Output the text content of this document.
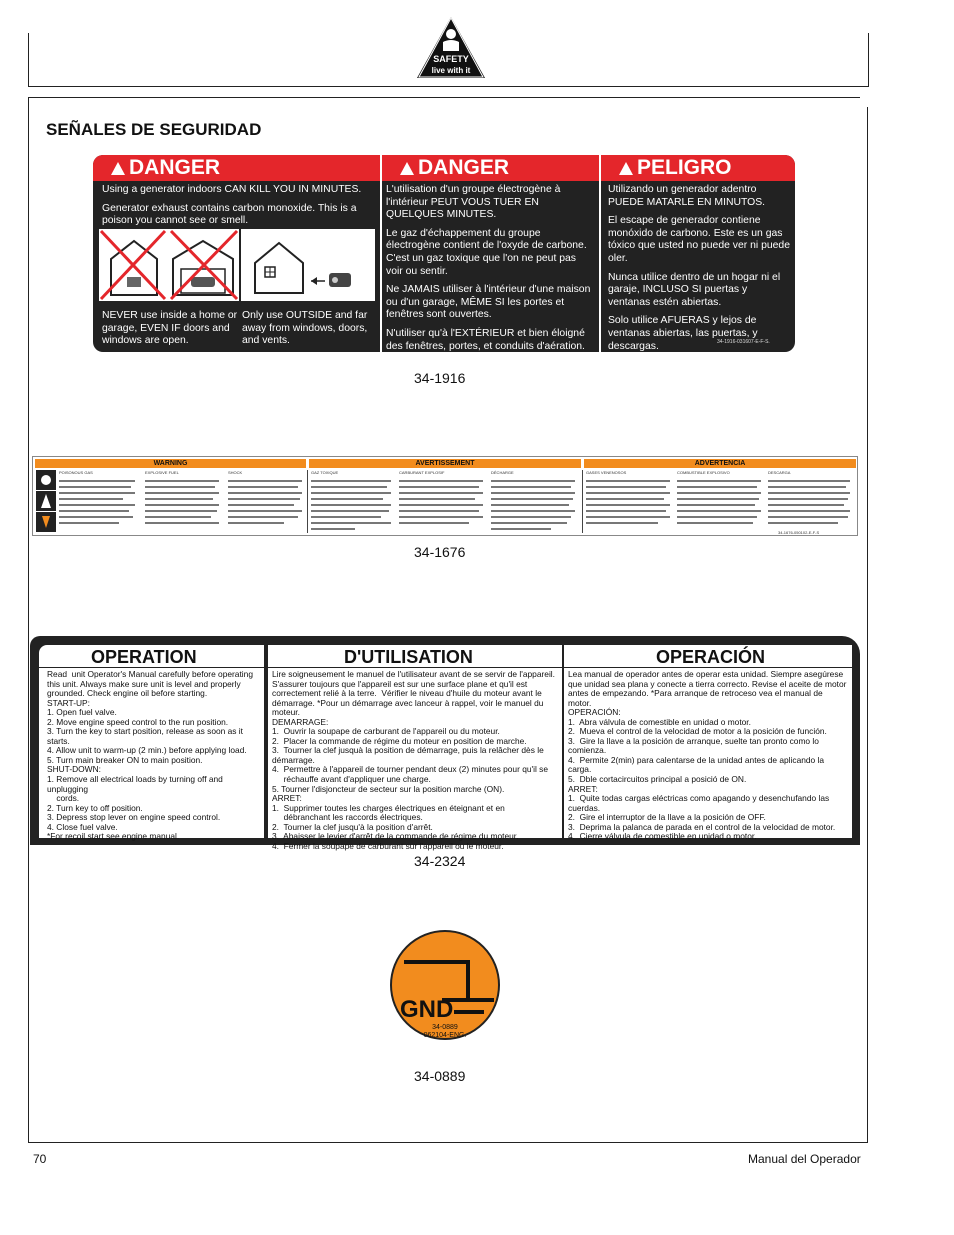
SAFETY
live with it
SEÑALES DE SEGURIDAD
DANGER

Using a generator indoors CAN KILL YOU IN MINUTES.

Generator exhaust contains carbon monoxide. This is a poison you cannot see or smell.

NEVER use inside a home or garage, EVEN IF doors and windows are open.
Only use OUTSIDE and far away from windows, doors, and vents.
DANGER

L'utilisation d'un groupe électrogène à l'intérieur PEUT VOUS TUER EN QUELQUES MINUTES.

Le gaz d'échappement du groupe électrogène contient de l'oxyde de carbone. C'est un gaz toxique que l'on ne peut pas voir ou sentir.

Ne JAMAIS utiliser à l'intérieur d'une maison ou d'un garage, MÊME SI les portes et fenêtres sont ouvertes.

N'utiliser qu'à l'EXTÉRIEUR et bien éloigné des fenêtres, portes, et conduits d'aération.

PELIGRO

Utilizando un generador adentro PUEDE MATARLE EN MINUTOS.

El escape de generador contiene monóxido de carbono. Este es un gas tóxico que usted no puede ver ni puede oler.

Nunca utilice dentro de un hogar ni el garaje, INCLUSO SI puertas y ventanas estén abiertas.

Solo utilice AFUERAS y lejos de ventanas abiertas, las puertas, y descargas.	34-1916-031607-E-F-S.
34-1916
WARNING	AVERTISSEMENT	ADVERTENCIA
POISONOUS GAS	EXPLOSIVE FUEL	SHOCK	GAZ TOXIQUE	CARBURANT EXPLOSIF	DÉCHARGE	GASES VENENOSOS	COMBUSTIBLE EXPLOSIVO	DESCARGA
34-1676-050102-E-F-S
34-1676
OPERATION	D'UTILISATION	OPERACIÓN
Read  unit Operator's Manual carefully before operating this unit. Always make sure unit is level and properly grounded. Check engine oil before starting.
START-UP:
1. Open fuel valve.
2. Move engine speed control to the run position.
3. Turn the key to start position, release as soon as it starts.
4. Allow unit to warm-up (2 min.) before applying load.
5. Turn main breaker ON to main position.
SHUT-DOWN:
1. Remove all electrical loads by turning off and unplugging
cords.
2. Turn key to off position.
3. Depress stop lever on engine speed control.
4. Close fuel valve.
*For recoil start see engine manual.
Lire soigneusement le manuel de l'utilisateur avant de se servir de l'appareil. S'assurer toujours que l'appareil est sur une surface plane et qu'il est correctement relié à la terre.  Vérifier le niveau d'huile du moteur avant le démarrage. *Pour un démarrage avec lanceur à rappel, voir le manuel du moteur.
DEMARRAGE:
1.  Ouvrir la soupape de carburant de l'appareil ou du moteur.
2.  Placer la commande de régime du moteur en position de marche.
3.  Tourner la clef jusquà la position de démarrage, puis la relâcher dès le démarrage.
4.  Permettre à l'appareil de tourner pendant deux (2) minutes pour qu'il se
réchauffe avant d'appliquer une charge.
5. Tourner l'disjoncteur de secteur sur la position marche (ON).
ARRET:
1.  Supprimer toutes les charges électriques en éteignant et en
débranchant les raccords électriques.
2.  Tourner la clef jusqu'à la position d'arrêt.
3.  Abaisser le levier d'arrêt de la commande de régime du moteur.
4.  Fermer la soupape de carburant sur l'appareil ou le moteur.
Lea manual de operador antes de operar esta unidad. Siempre asegúrese que unidad sea plana y conecte a tierra correcto. Revise el aceite de motor antes de empezando. *Para arranque de retroceso vea el manual de motor.
OPERACIÓN:
1.  Abra válvula de comestible en unidad o motor.
2.  Mueva el control de la velocidad de motor a la posición de función.
3.  Gire la llave a la posición de arranque, suelte tan pronto como lo comienza.
4.  Permite 2(min) para calentarse de la unidad antes de aplicando la carga.
5.  Dble cortacircuitos principal a posició de ON.
ARRET:
1.  Quite todas cargas eléctricas como apagando y desenchufando las cuerdas.
2.  Gire el interruptor de la llave a la posición de OFF.
3.  Deprima la palanca de parada en el control de la velocidad de motor.
4.  Cierre válvula de comestible en unidad o motor.
34-2324
GND
34-0889
062104-ENG.
34-0889
70	Manual del Operador
